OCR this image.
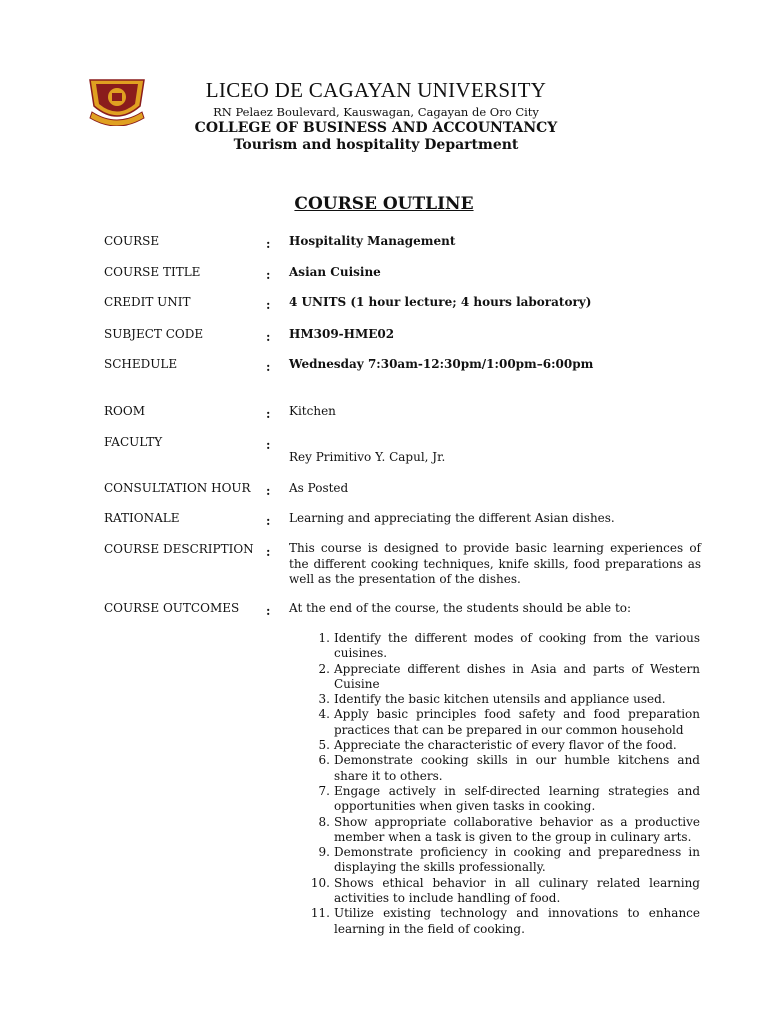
LICEO DE CAGAYAN UNIVERSITY
RN Pelaez Boulevard, Kauswagan, Cagayan de Oro City
COLLEGE OF BUSINESS AND ACCOUNTANCY
Tourism and hospitality Department
COURSE OUTLINE
COURSE	: Hospitality Management
COURSE TITLE	: Asian Cuisine
CREDIT UNIT	: 4 UNITS (1 hour lecture; 4 hours laboratory)
SUBJECT CODE	: HM309-HME02
SCHEDULE	: Wednesday 7:30am-12:30pm/1:00pm–6:00pm
ROOM	: Kitchen
FACULTY	:
Rey Primitivo Y. Capul, Jr.
CONSULTATION HOUR	: As Posted
RATIONALE	: Learning and appreciating the different Asian dishes.
COURSE DESCRIPTION	: This course is designed to provide basic learning experiences of the different cooking techniques, knife skills, food preparations as well as the presentation of the dishes.
COURSE OUTCOMES	: At the end of the course, the students should be able to:
1. Identify the different modes of cooking from the various cuisines.
2. Appreciate different dishes in Asia and parts of Western Cuisine
3. Identify the basic kitchen utensils and appliance used.
4. Apply basic principles food safety and food preparation practices that can be prepared in our common household
5. Appreciate the characteristic of every flavor of the food.
6. Demonstrate cooking skills in our humble kitchens and share it to others.
7. Engage actively in self-directed learning strategies and opportunities when given tasks in cooking.
8. Show appropriate collaborative behavior as a productive member when a task is given to the group in culinary arts.
9. Demonstrate proficiency in cooking and preparedness in displaying the skills professionally.
10. Shows ethical behavior in all culinary related learning activities to include handling of food.
11. Utilize existing technology and innovations to enhance learning in the field of cooking.
